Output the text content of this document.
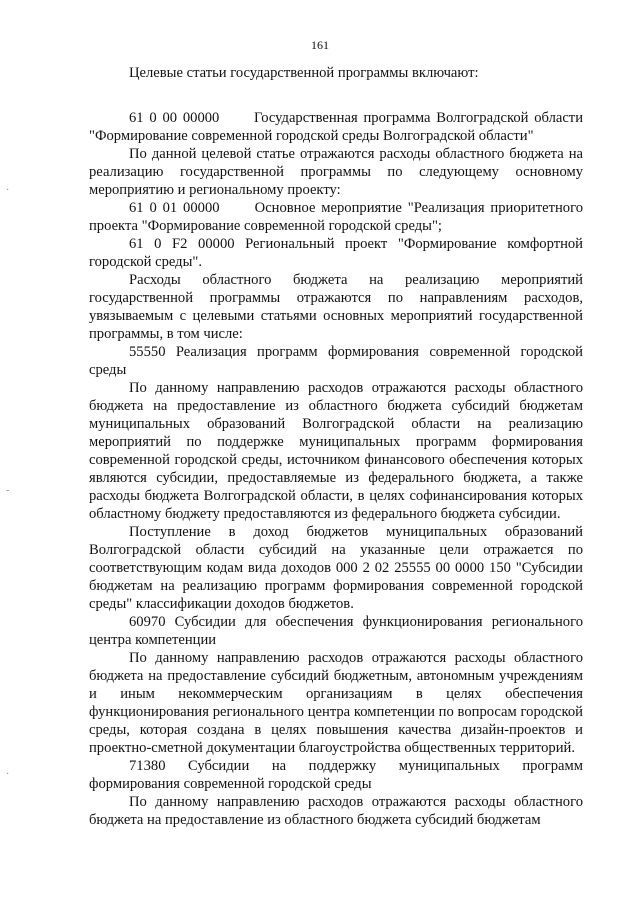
161
·
-
·

Целевые статьи государственной программы включают:

61 0 00 00000      Государственная программа Волгоградской области "Формирование современной городской среды Волгоградской области"

По данной целевой статье отражаются расходы областного бюджета на реализацию государственной программы по следующему основному мероприятию и региональному проекту:

61 0 01 00000      Основное мероприятие "Реализация приоритетного проекта "Формирование современной городской среды";

61 0 F2 00000 Региональный проект "Формирование комфортной городской среды".

Расходы областного бюджета на реализацию мероприятий государственной программы отражаются по направлениям расходов, увязываемым с целевыми статьями основных мероприятий государственной программы, в том числе:

55550 Реализация программ формирования современной городской среды

По данному направлению расходов отражаются расходы областного бюджета на предоставление из областного бюджета субсидий бюджетам муниципальных образований Волгоградской области на реализацию мероприятий по поддержке муниципальных программ формирования современной городской среды, источником финансового обеспечения которых являются субсидии, предоставляемые из федерального бюджета, а также расходы бюджета Волгоградской области, в целях софинансирования которых областному бюджету предоставляются из федерального бюджета субсидии.

Поступление в доход бюджетов муниципальных образований Волгоградской области субсидий на указанные цели отражается по соответствующим кодам вида доходов 000 2 02 25555 00 0000 150 "Субсидии бюджетам на реализацию программ формирования современной городской среды" классификации доходов бюджетов.

60970 Субсидии для обеспечения функционирования регионального центра компетенции

По данному направлению расходов отражаются расходы областного бюджета на предоставление субсидий бюджетным, автономным учреждениям и иным некоммерческим организациям в целях обеспечения функционирования регионального центра компетенции по вопросам городской среды, которая создана в целях повышения качества дизайн-проектов и проектно-сметной документации благоустройства общественных территорий.

71380 Субсидии на поддержку муниципальных программ формирования современной городской среды

По данному направлению расходов отражаются расходы областного бюджета на предоставление из областного бюджета субсидий бюджетам
